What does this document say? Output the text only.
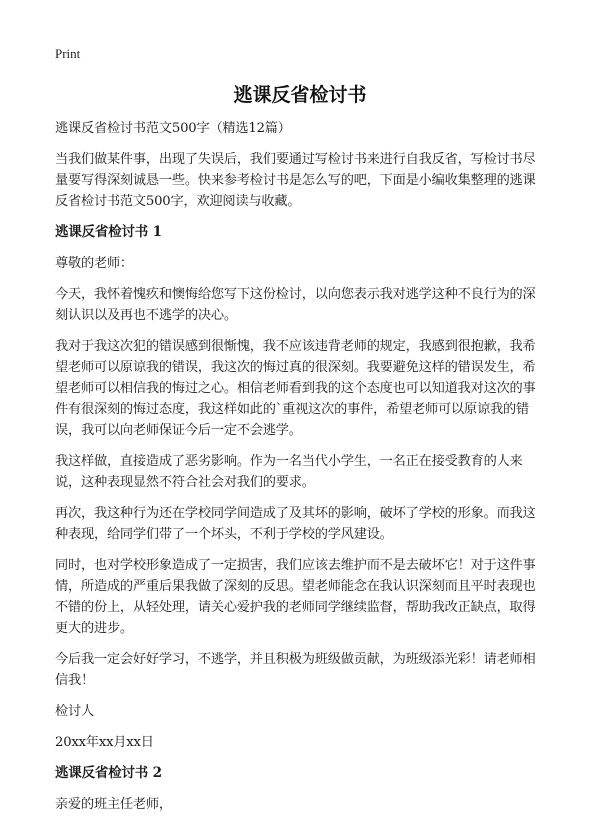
Print
逃课反省检讨书

逃课反省检讨书范文500字（精选12篇）

当我们做某件事，出现了失误后，我们要通过写检讨书来进行自我反省，写检讨书尽量要写得深刻诚恳一些。快来参考检讨书是怎么写的吧，下面是小编收集整理的逃课反省检讨书范文500字，欢迎阅读与收藏。

逃课反省检讨书 1

尊敬的老师：

今天，我怀着愧疚和懊悔给您写下这份检讨，以向您表示我对逃学这种不良行为的深刻认识以及再也不逃学的决心。

我对于我这次犯的错误感到很惭愧，我不应该违背老师的规定，我感到很抱歉，我希望老师可以原谅我的错误，我这次的悔过真的很深刻。我要避免这样的错误发生，希望老师可以相信我的悔过之心。相信老师看到我的这个态度也可以知道我对这次的事件有很深刻的悔过态度，我这样如此的`重视这次的事件，希望老师可以原谅我的错误，我可以向老师保证今后一定不会逃学。

我这样做，直接造成了恶劣影响。作为一名当代小学生，一名正在接受教育的人来说，这种表现显然不符合社会对我们的要求。

再次，我这种行为还在学校同学间造成了及其坏的影响，破坏了学校的形象。而我这种表现，给同学们带了一个坏头，不利于学校的学风建设。

同时，也对学校形象造成了一定损害，我们应该去维护而不是去破坏它！对于这件事情，所造成的严重后果我做了深刻的反思。望老师能念在我认识深刻而且平时表现也不错的份上，从轻处理，请关心爱护我的老师同学继续监督，帮助我改正缺点，取得更大的进步。

今后我一定会好好学习，不逃学，并且积极为班级做贡献，为班级添光彩！请老师相信我！

检讨人

20xx年xx月xx日

逃课反省检讨书 2

亲爱的班主任老师，
